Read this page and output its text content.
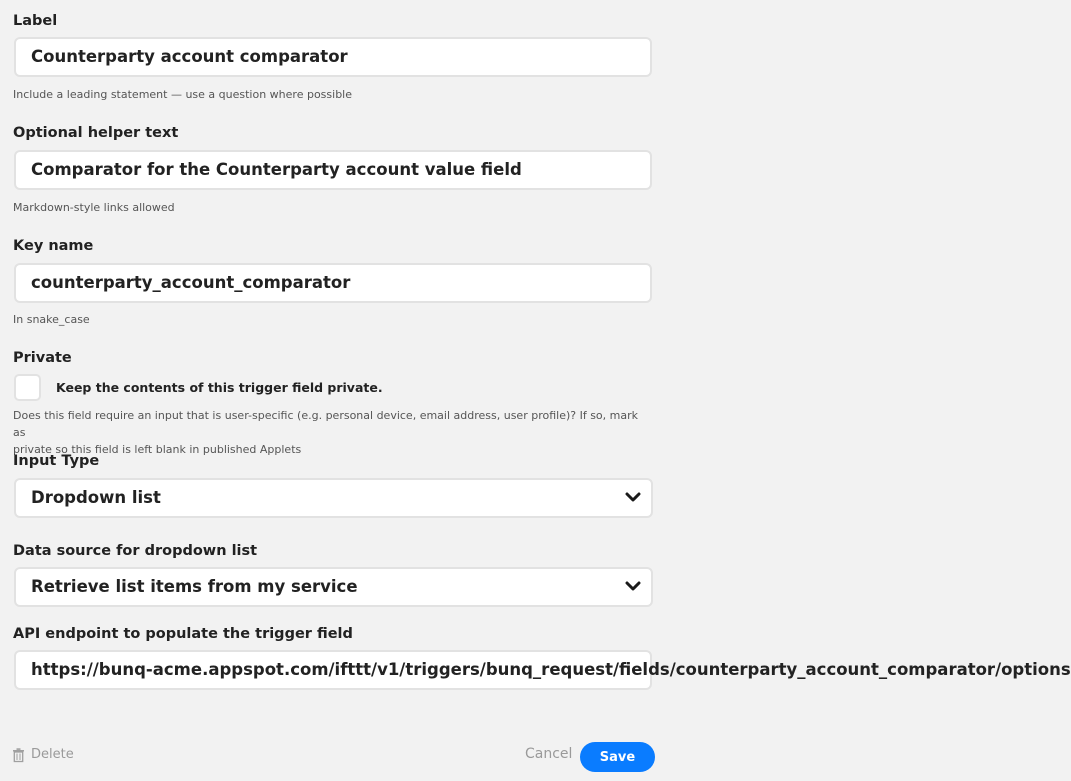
Label
Counterparty account comparator
Include a leading statement — use a question where possible
Optional helper text
Comparator for the Counterparty account value field
Markdown-style links allowed
Key name
counterparty_account_comparator
In snake_case
Private
Keep the contents of this trigger field private.
Does this field require an input that is user-specific (e.g. personal device, email address, user profile)? If so, mark as
private so this field is left blank in published Applets
Input Type
Dropdown list
Data source for dropdown list
Retrieve list items from my service
API endpoint to populate the trigger field
https://bunq-acme.appspot.com/ifttt/v1/triggers/bunq_request/fields/counterparty_account_comparator/options
Delete	Cancel	Save
